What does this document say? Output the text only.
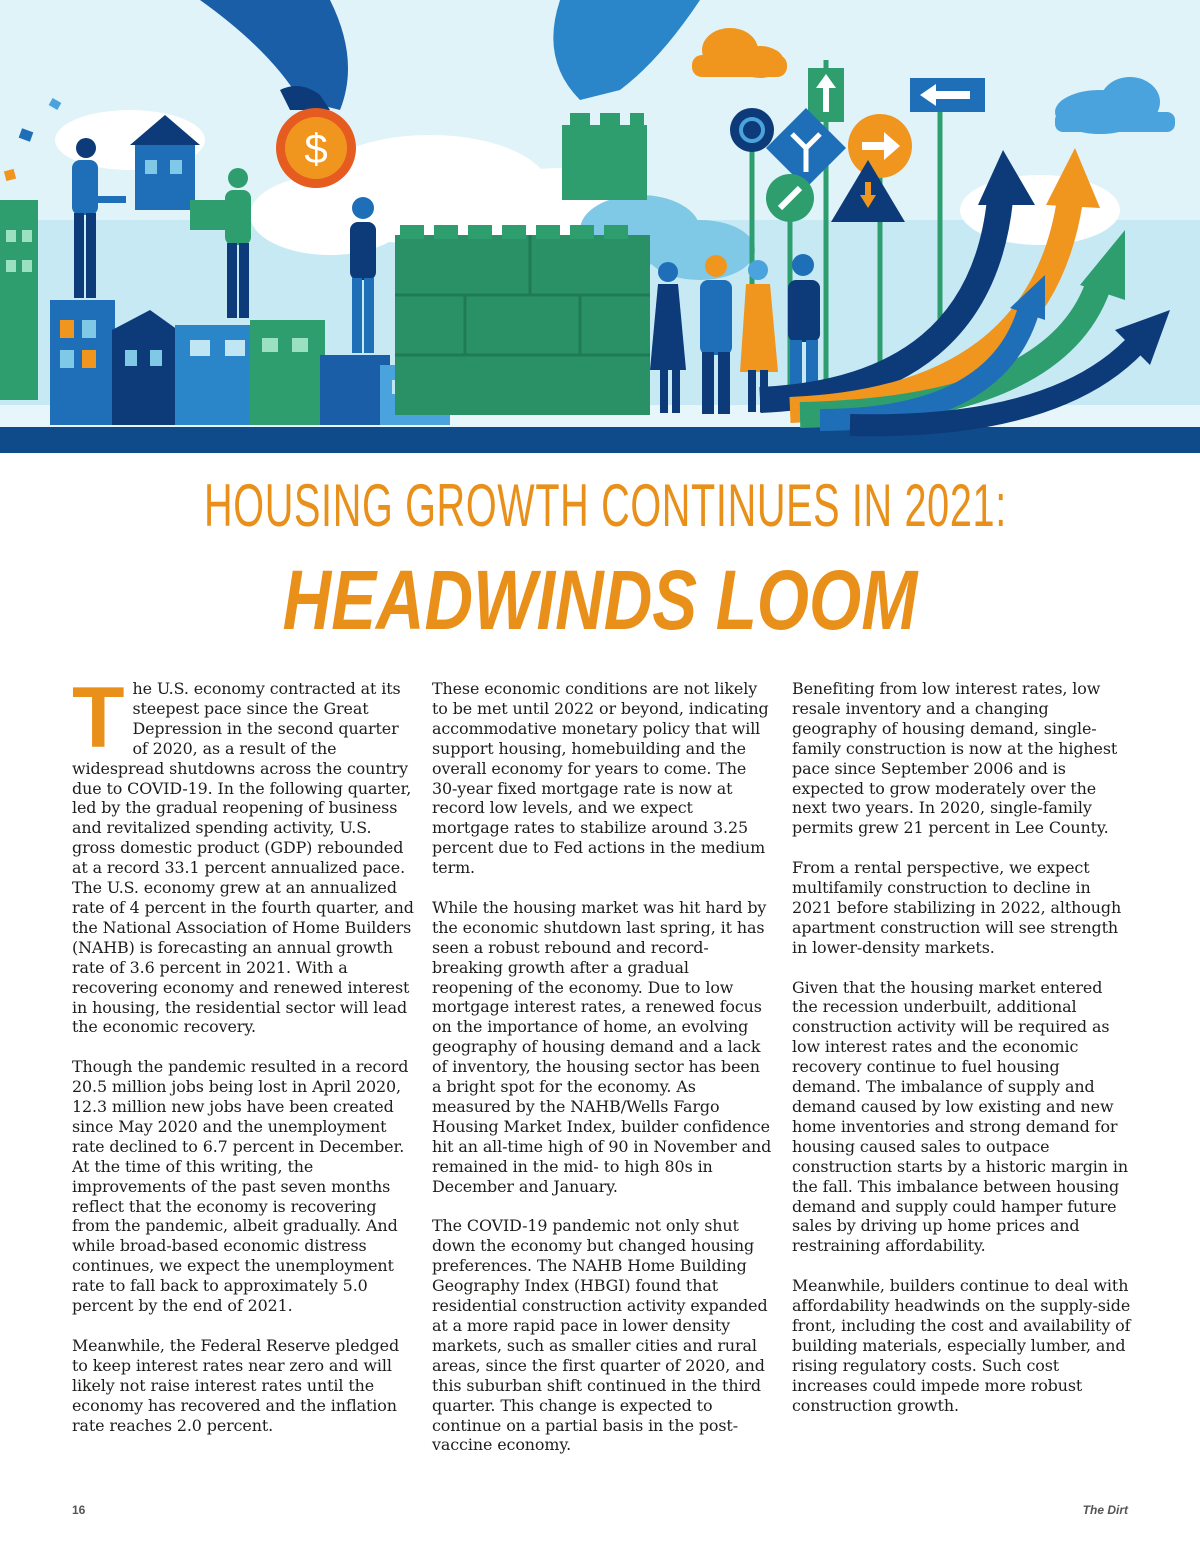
$
HOUSING GROWTH CONTINUES IN 2021:
HEADWINDS LOOM

The U.S. economy contracted at its steepest pace since the Great Depression in the second quarter of 2020, as a result of the widespread shutdowns across the country due to COVID-19. In the following quarter, led by the gradual reopening of business and revitalized spending activity, U.S. gross domestic product (GDP) rebounded at a record 33.1 percent annualized pace. The U.S. economy grew at an annualized rate of 4 percent in the fourth quarter, and the National Association of Home Builders (NAHB) is forecasting an annual growth rate of 3.6 percent in 2021. With a recovering economy and renewed interest in housing, the residential sector will lead the economic recovery.

Though the pandemic resulted in a record 20.5 million jobs being lost in April 2020, 12.3 million new jobs have been created since May 2020 and the unemployment rate declined to 6.7 percent in December. At the time of this writing, the improvements of the past seven months reflect that the economy is recovering from the pandemic, albeit gradually. And while broad-based economic distress continues, we expect the unemployment rate to fall back to approximately 5.0 percent by the end of 2021.

Meanwhile, the Federal Reserve pledged to keep interest rates near zero and will likely not raise interest rates until the economy has recovered and the inflation rate reaches 2.0 percent.

These economic conditions are not likely to be met until 2022 or beyond, indicating accommodative monetary policy that will support housing, homebuilding and the overall economy for years to come. The 30-year fixed mortgage rate is now at record low levels, and we expect mortgage rates to stabilize around 3.25 percent due to Fed actions in the medium term.

While the housing market was hit hard by the economic shutdown last spring, it has seen a robust rebound and record-breaking growth after a gradual reopening of the economy. Due to low mortgage interest rates, a renewed focus on the importance of home, an evolving geography of housing demand and a lack of inventory, the housing sector has been a bright spot for the economy. As measured by the NAHB/Wells Fargo Housing Market Index, builder confidence hit an all-time high of 90 in November and remained in the mid- to high 80s in December and January.

The COVID-19 pandemic not only shut down the economy but changed housing preferences. The NAHB Home Building Geography Index (HBGI) found that residential construction activity expanded at a more rapid pace in lower density markets, such as smaller cities and rural areas, since the first quarter of 2020, and this suburban shift continued in the third quarter. This change is expected to continue on a partial basis in the post-vaccine economy.

Benefiting from low interest rates, low resale inventory and a changing geography of housing demand, single-family construction is now at the highest pace since September 2006 and is expected to grow moderately over the next two years. In 2020, single-family permits grew 21 percent in Lee County.

From a rental perspective, we expect multifamily construction to decline in 2021 before stabilizing in 2022, although apartment construction will see strength in lower-density markets.

Given that the housing market entered the recession underbuilt, additional construction activity will be required as low interest rates and the economic recovery continue to fuel housing demand. The imbalance of supply and demand caused by low existing and new home inventories and strong demand for housing caused sales to outpace construction starts by a historic margin in the fall. This imbalance between housing demand and supply could hamper future sales by driving up home prices and restraining affordability.

Meanwhile, builders continue to deal with affordability headwinds on the supply-side front, including the cost and availability of building materials, especially lumber, and rising regulatory costs. Such cost increases could impede more robust construction growth.

16	The Dirt
